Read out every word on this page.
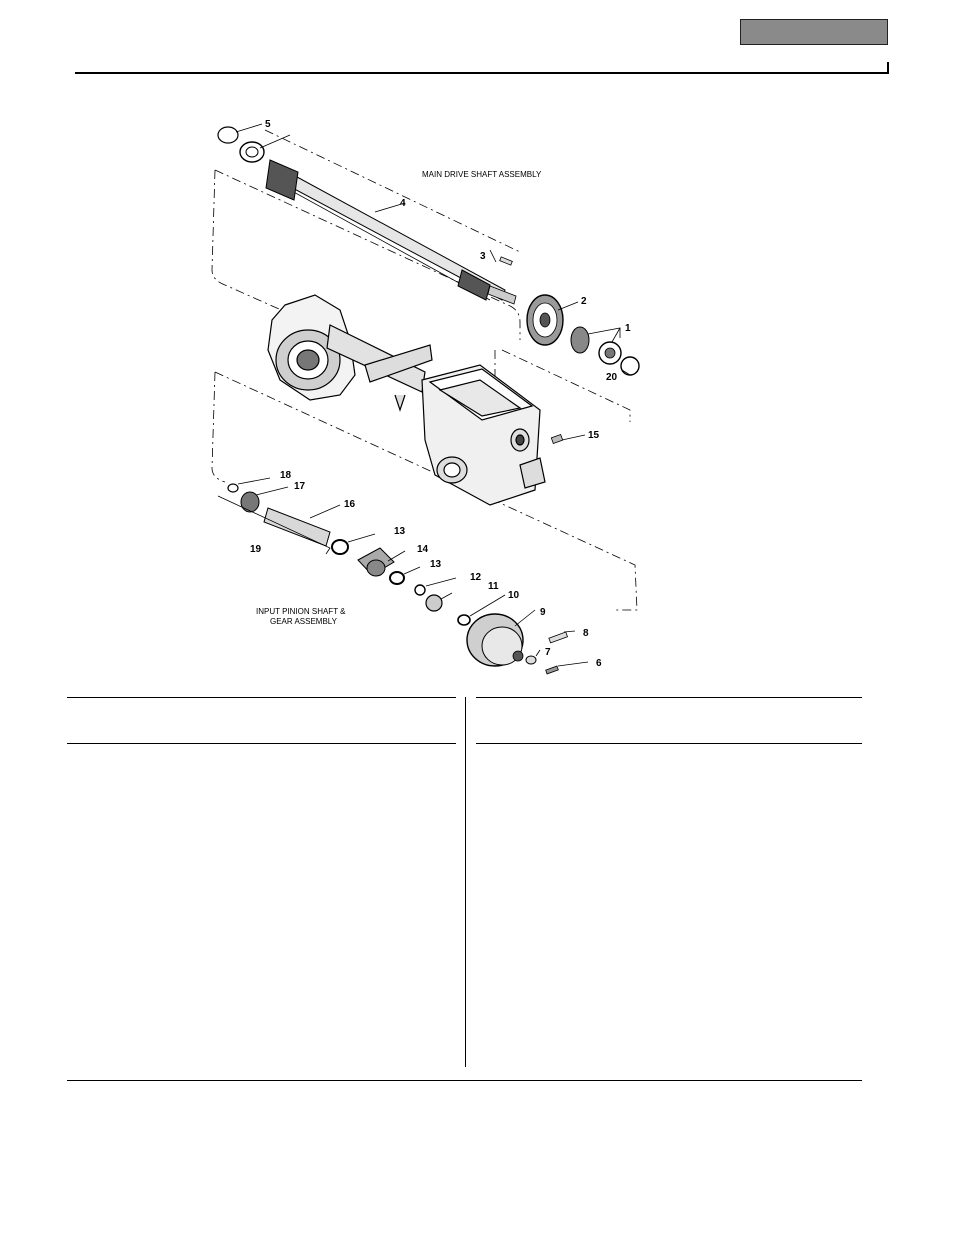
1
2
3
4
5
6
7
8
9
10
11
12
13
14
13
15
16
17
18
19
20
MAIN DRIVE SHAFT ASSEMBLY
INPUT PINION SHAFT &
GEAR ASSEMBLY
